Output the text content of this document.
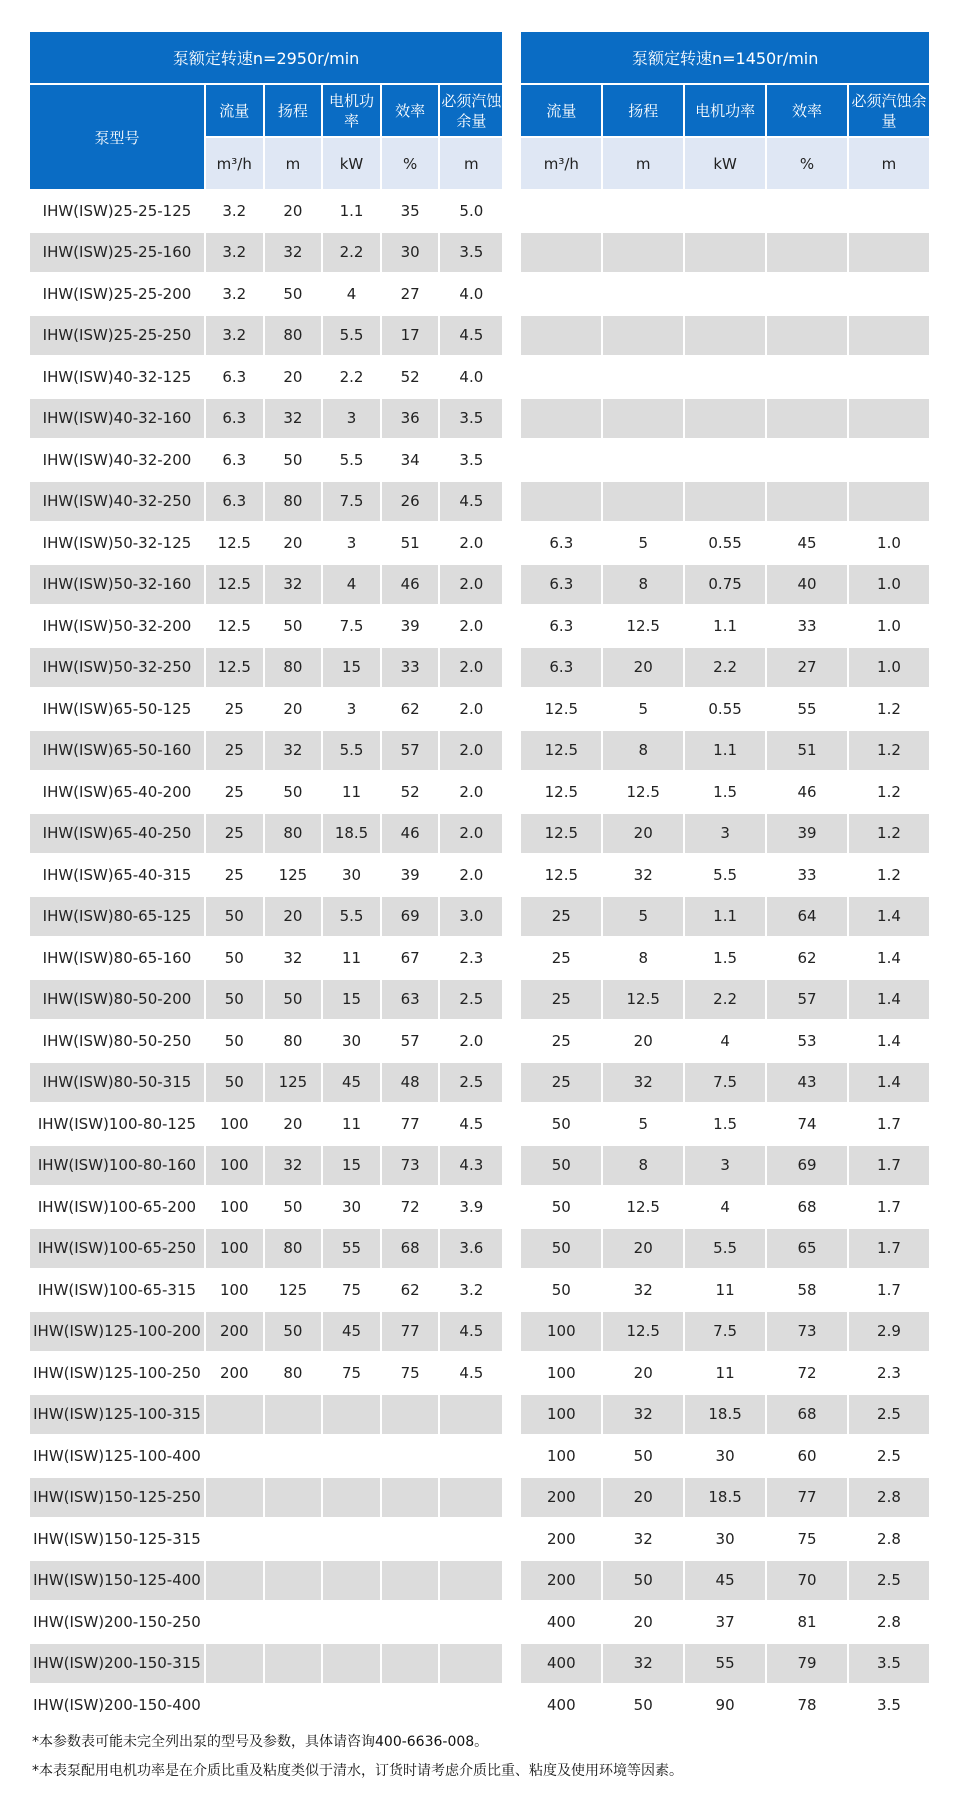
泵额定转速n=2950r/min							泵额定转速n=1450r/min				
泵型号	流量	扬程	电机功率	效率	必须汽蚀余量		流量	扬程	电机功率	效率	必须汽蚀余量
	m³/h	m	kW	%	m		m³/h	m	kW	%	m
IHW(ISW)25-25-125	3.2	20	1.1	35	5.0						
IHW(ISW)25-25-160	3.2	32	2.2	30	3.5						
IHW(ISW)25-25-200	3.2	50	4	27	4.0						
IHW(ISW)25-25-250	3.2	80	5.5	17	4.5						
IHW(ISW)40-32-125	6.3	20	2.2	52	4.0						
IHW(ISW)40-32-160	6.3	32	3	36	3.5						
IHW(ISW)40-32-200	6.3	50	5.5	34	3.5						
IHW(ISW)40-32-250	6.3	80	7.5	26	4.5						
IHW(ISW)50-32-125	12.5	20	3	51	2.0		6.3	5	0.55	45	1.0
IHW(ISW)50-32-160	12.5	32	4	46	2.0		6.3	8	0.75	40	1.0
IHW(ISW)50-32-200	12.5	50	7.5	39	2.0		6.3	12.5	1.1	33	1.0
IHW(ISW)50-32-250	12.5	80	15	33	2.0		6.3	20	2.2	27	1.0
IHW(ISW)65-50-125	25	20	3	62	2.0		12.5	5	0.55	55	1.2
IHW(ISW)65-50-160	25	32	5.5	57	2.0		12.5	8	1.1	51	1.2
IHW(ISW)65-40-200	25	50	11	52	2.0		12.5	12.5	1.5	46	1.2
IHW(ISW)65-40-250	25	80	18.5	46	2.0		12.5	20	3	39	1.2
IHW(ISW)65-40-315	25	125	30	39	2.0		12.5	32	5.5	33	1.2
IHW(ISW)80-65-125	50	20	5.5	69	3.0		25	5	1.1	64	1.4
IHW(ISW)80-65-160	50	32	11	67	2.3		25	8	1.5	62	1.4
IHW(ISW)80-50-200	50	50	15	63	2.5		25	12.5	2.2	57	1.4
IHW(ISW)80-50-250	50	80	30	57	2.0		25	20	4	53	1.4
IHW(ISW)80-50-315	50	125	45	48	2.5		25	32	7.5	43	1.4
IHW(ISW)100-80-125	100	20	11	77	4.5		50	5	1.5	74	1.7
IHW(ISW)100-80-160	100	32	15	73	4.3		50	8	3	69	1.7
IHW(ISW)100-65-200	100	50	30	72	3.9		50	12.5	4	68	1.7
IHW(ISW)100-65-250	100	80	55	68	3.6		50	20	5.5	65	1.7
IHW(ISW)100-65-315	100	125	75	62	3.2		50	32	11	58	1.7
IHW(ISW)125-100-200	200	50	45	77	4.5		100	12.5	7.5	73	2.9
IHW(ISW)125-100-250	200	80	75	75	4.5		100	20	11	72	2.3
IHW(ISW)125-100-315							100	32	18.5	68	2.5
IHW(ISW)125-100-400							100	50	30	60	2.5
IHW(ISW)150-125-250							200	20	18.5	77	2.8
IHW(ISW)150-125-315							200	32	30	75	2.8
IHW(ISW)150-125-400							200	50	45	70	2.5
IHW(ISW)200-150-250							400	20	37	81	2.8
IHW(ISW)200-150-315							400	32	55	79	3.5
IHW(ISW)200-150-400							400	50	90	78	3.5
*本参数表可能未完全列出泵的型号及参数，具体请咨询400-6636-008。
*本表泵配用电机功率是在介质比重及粘度类似于清水，订货时请考虑介质比重、粘度及使用环境等因素。
